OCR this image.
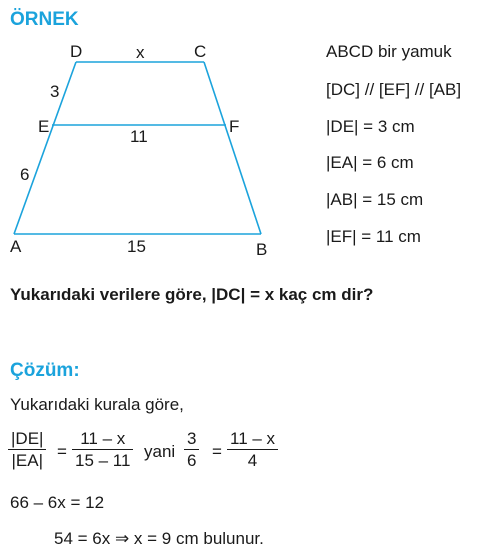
ÖRNEK
D	C
x
3
E	F
11
6
A	15	B
ABCD bir yamuk
[DC] // [EF] // [AB]
|DE| = 3 cm
|EA| = 6 cm
|AB| = 15 cm
|EF| = 11 cm
Yukarıdaki verilere göre, |DC| = x kaç cm dir?
Çözüm:
Yukarıdaki kurala göre,
|DE|
|EA| =
11 – x
15 – 11 yani
3
6 =
11 – x
4
66 – 6x = 12
54 = 6x ⇒ x = 9 cm bulunur.
